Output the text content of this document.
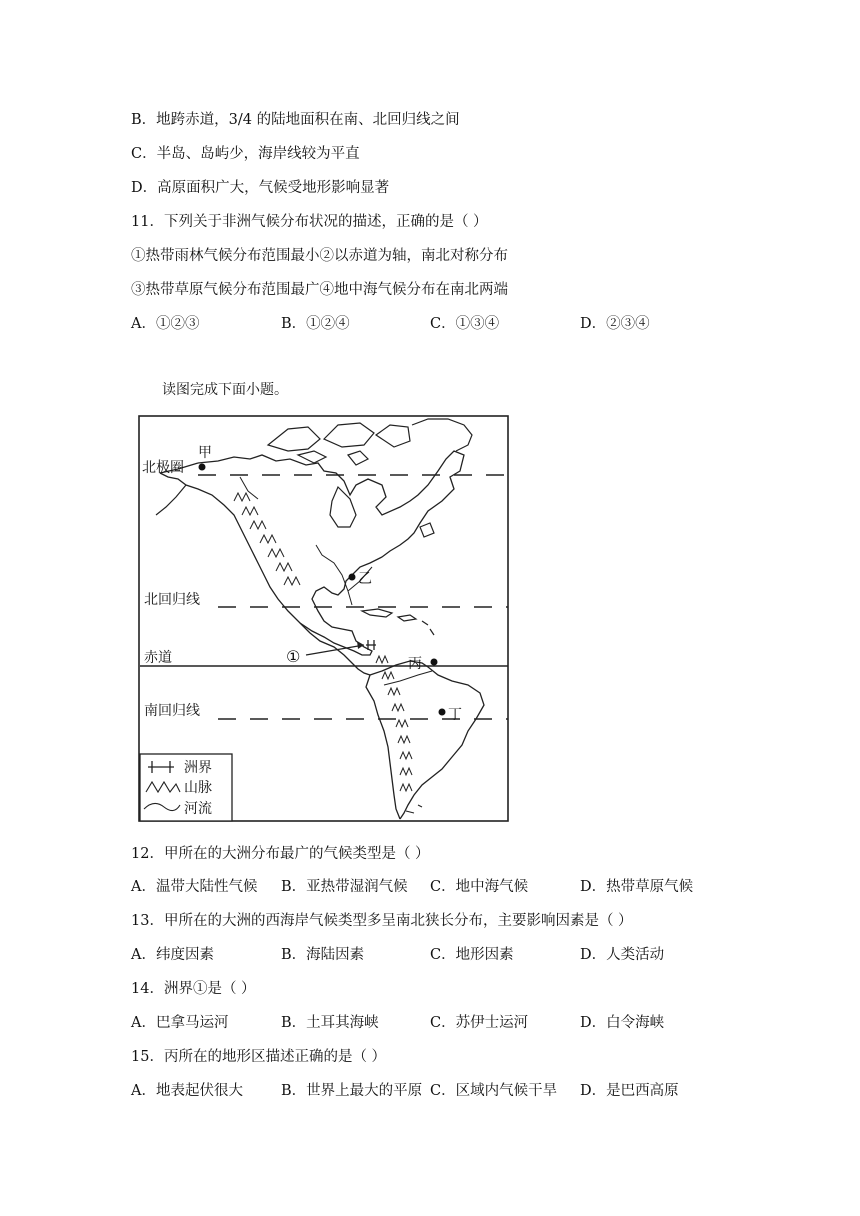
B．地跨赤道，3/4 的陆地面积在南、北回归线之间
C．半岛、岛屿少，海岸线较为平直
D．高原面积广大，气候受地形影响显著
11．下列关于非洲气候分布状况的描述，正确的是（ ）
①热带雨林气候分布范围最小②以赤道为轴，南北对称分布
③热带草原气候分布范围最广④地中海气候分布在南北两端
A．①②③	B．①②④	C．①③④	D．②③④
读图完成下面小题。
北极圈
北回归线
赤道
南回归线
甲
乙
丙
丁
①
洲界
山脉
河流
12．甲所在的大洲分布最广的气候类型是（ ）
A．温带大陆性气候 B．亚热带湿润气候 C．地中海气候	D．热带草原气候
13．甲所在的大洲的西海岸气候类型多呈南北狭长分布，主要影响因素是（ ）
A．纬度因素	B．海陆因素	C．地形因素	D．人类活动
14．洲界①是（ ）
A．巴拿马运河	B．土耳其海峡	C．苏伊士运河	D．白令海峡
15．丙所在的地形区描述正确的是（ ）
A．地表起伏很大	B．世界上最大的平原 C．区域内气候干旱 D．是巴西高原
